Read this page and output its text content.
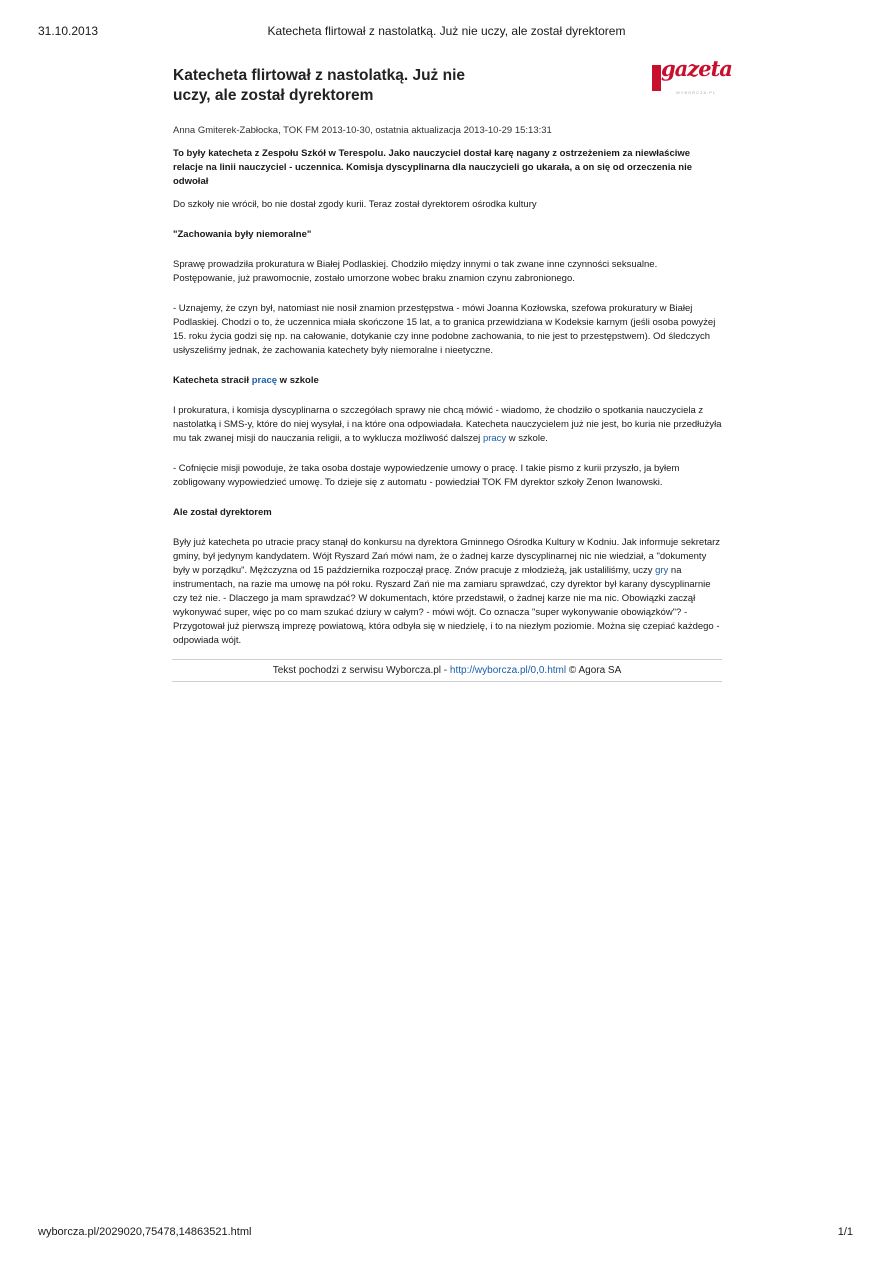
31.10.2013	Katecheta flirtował z nastolatką. Już nie uczy, ale został dyrektorem
Katecheta flirtował z nastolatką. Już nie uczy, ale został dyrektorem
gazeta
WYBORCZA.PL
Anna Gmiterek-Zabłocka, TOK FM 2013-10-30, ostatnia aktualizacja 2013-10-29 15:13:31
To były katecheta z Zespołu Szkół w Terespolu. Jako nauczyciel dostał karę nagany z ostrzeżeniem za niewłaściwe relacje na linii nauczyciel - uczennica. Komisja dyscyplinarna dla nauczycieli go ukarała, a on się od orzeczenia nie odwołał
Do szkoły nie wrócił, bo nie dostał zgody kurii. Teraz został dyrektorem ośrodka kultury
"Zachowania były niemoralne"
Sprawę prowadziła prokuratura w Białej Podlaskiej. Chodziło między innymi o tak zwane inne czynności seksualne. Postępowanie, już prawomocnie, zostało umorzone wobec braku znamion czynu zabronionego.
- Uznajemy, że czyn był, natomiast nie nosił znamion przestępstwa - mówi Joanna Kozłowska, szefowa prokuratury w Białej Podlaskiej. Chodzi o to, że uczennica miała skończone 15 lat, a to granica przewidziana w Kodeksie karnym (jeśli osoba powyżej 15. roku życia godzi się np. na całowanie, dotykanie czy inne podobne zachowania, to nie jest to przestępstwem). Od śledczych usłyszeliśmy jednak, że zachowania katechety były niemoralne i nieetyczne.
Katecheta stracił pracę w szkole
I prokuratura, i komisja dyscyplinarna o szczegółach sprawy nie chcą mówić - wiadomo, że chodziło o spotkania nauczyciela z nastolatką i SMS-y, które do niej wysyłał, i na które ona odpowiadała. Katecheta nauczycielem już nie jest, bo kuria nie przedłużyła mu tak zwanej misji do nauczania religii, a to wyklucza możliwość dalszej pracy w szkole.
- Cofnięcie misji powoduje, że taka osoba dostaje wypowiedzenie umowy o pracę. I takie pismo z kurii przyszło, ja byłem zobligowany wypowiedzieć umowę. To dzieje się z automatu - powiedział TOK FM dyrektor szkoły Zenon Iwanowski.
Ale został dyrektorem
Były już katecheta po utracie pracy stanął do konkursu na dyrektora Gminnego Ośrodka Kultury w Kodniu. Jak informuje sekretarz gminy, był jedynym kandydatem. Wójt Ryszard Zań mówi nam, że o żadnej karze dyscyplinarnej nic nie wiedział, a "dokumenty były w porządku". Mężczyzna od 15 października rozpoczął pracę. Znów pracuje z młodzieżą, jak ustaliliśmy, uczy gry na instrumentach, na razie ma umowę na pół roku. Ryszard Zań nie ma zamiaru sprawdzać, czy dyrektor był karany dyscyplinarnie czy też nie. - Dlaczego ja mam sprawdzać? W dokumentach, które przedstawił, o żadnej karze nie ma nic. Obowiązki zaczął wykonywać super, więc po co mam szukać dziury w całym? - mówi wójt. Co oznacza "super wykonywanie obowiązków"? - Przygotował już pierwszą imprezę powiatową, która odbyła się w niedzielę, i to na niezłym poziomie. Można się czepiać każdego - odpowiada wójt.
Tekst pochodzi z serwisu Wyborcza.pl - http://wyborcza.pl/0,0.html © Agora SA
wyborcza.pl/2029020,75478,14863521.html	1/1
